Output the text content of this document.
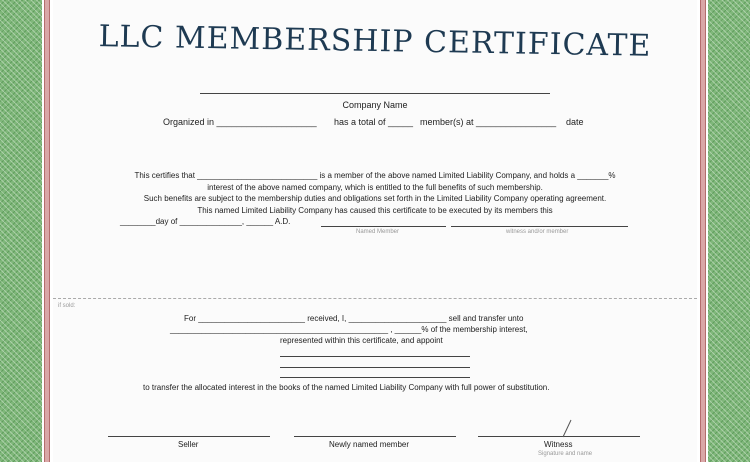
LLC MEMBERSHIP CERTIFICATE
Company Name
Organized in ____________________ has a total of _____ member(s) at ________________ date
This certifies that ___________________________ is a member of the above named Limited Liability Company, and holds a _______%
interest of the above named company, which is entitled to the full benefits of such membership.
Such benefits are subject to the membership duties and obligations set forth in the Limited Liability Company operating agreement.
This named Limited Liability Company has caused this certificate to be executed by its members this
________day of ______________, ______ A.D.
Named Member	witness and/or member
if sold:
For ________________________ received, I, ______________________ sell and transfer unto
_________________________________________________ , ______% of the membership interest,
represented within this certificate, and appoint
to transfer the allocated interest in the books of the named Limited Liability Company with full power of substitution.
Seller	Newly named member	Witness
Signature and name
